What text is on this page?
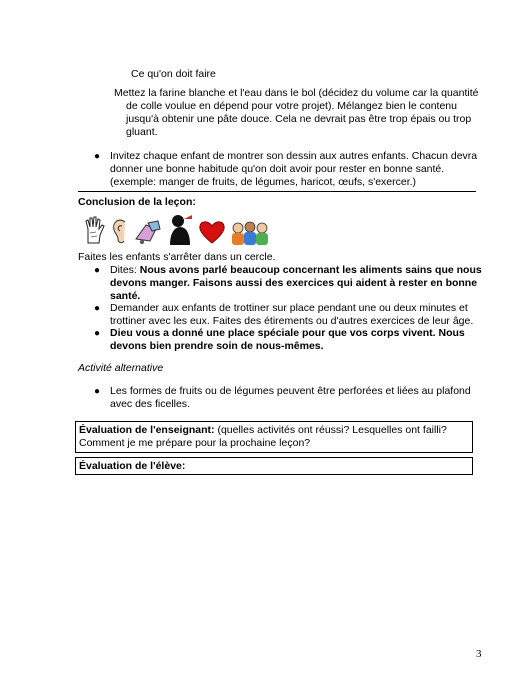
Ce qu'on doit faire
Mettez la farine blanche et l'eau dans le bol (décidez du volume car la quantité de colle voulue en dépend pour votre projet). Mélangez bien le contenu jusqu'à obtenir une pâte douce. Cela ne devrait pas être trop épais ou trop gluant.
● Invitez chaque enfant de montrer son dessin aux autres enfants. Chacun devra donner une bonne habitude qu'on doit avoir pour rester en bonne santé. (exemple: manger de fruits, de légumes, haricot, œufs, s'exercer.)
Conclusion de la leçon:
Faites les enfants s'arrêter dans un cercle.
● Dites: Nous avons parlé beaucoup concernant les aliments sains que nous devons manger. Faisons aussi des exercices qui aident à rester en bonne santé.
● Demander aux enfants de trottiner sur place pendant une ou deux minutes et trottiner avec les eux. Faites des étirements ou d'autres exercices de leur âge.
● Dieu vous a donné une place spéciale pour que vos corps vivent. Nous devons bien prendre soin de nous-mêmes.
Activité alternative
● Les formes de fruits ou de légumes peuvent être perforées et liées au plafond avec des ficelles.
Évaluation de l'enseignant: (quelles activités ont réussi? Lesquelles ont failli? Comment je me prépare pour la prochaine leçon?
Évaluation de l'élève:
3
